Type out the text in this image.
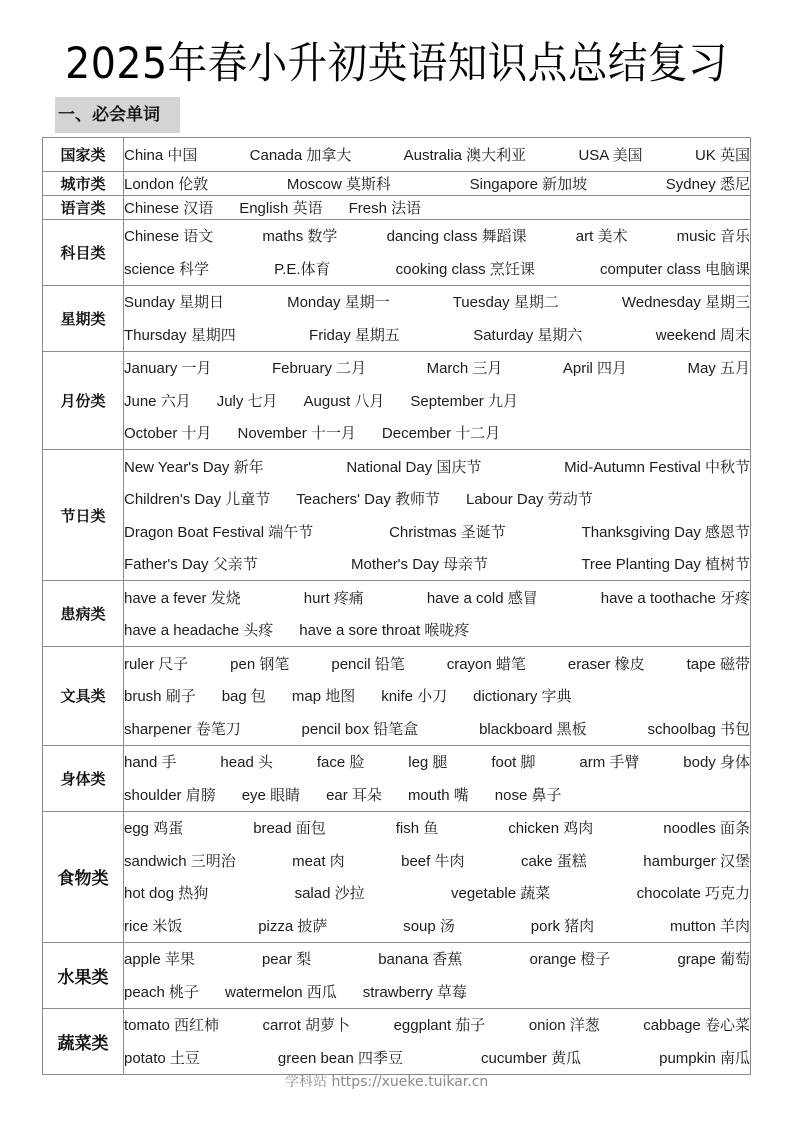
2025年春小升初英语知识点总结复习
一、必会单词
国家类	China 中国 Canada 加拿大 Australia 澳大利亚 USA 美国 UK 英国

城市类	London 伦敦 Moscow 莫斯科 Singapore 新加坡 Sydney 悉尼

语言类	Chinese 汉语 English 英语 Fresh 法语

科目类	
Chinese 语文	maths 数学	dancing class 舞蹈课	art 美术	music 音乐
science 科学	P.E.体育	cooking class 烹饪课	computer class 电脑课

星期类	
Sunday 星期日	Monday 星期一	Tuesday 星期二	Wednesday 星期三
Thursday 星期四	Friday 星期五	Saturday 星期六	weekend 周末

月份类	
January 一月	February 二月	March 三月	April 四月	May 五月
June 六月 July 七月 August 八月 September 九月
October 十月 November 十一月 December 十二月

节日类	
New Year's Day 新年	National Day 国庆节	Mid-Autumn Festival 中秋节
Children's Day 儿童节 Teachers' Day 教师节 Labour Day 劳动节
Dragon Boat Festival 端午节	Christmas 圣诞节	Thanksgiving Day 感恩节
Father's Day 父亲节	Mother's Day 母亲节	Tree Planting Day 植树节

患病类	
have a fever 发烧	hurt 疼痛	have a cold 感冒	have a toothache 牙疼
have a headache 头疼 have a sore throat 喉咙疼

文具类	
ruler 尺子	pen 钢笔	pencil 铅笔	crayon 蜡笔	eraser 橡皮	tape 磁带
brush 刷子 bag 包 map 地图 knife 小刀 dictionary 字典
sharpener 卷笔刀	pencil box 铅笔盒	blackboard 黑板	schoolbag 书包

身体类	
hand 手	head 头	face 脸	leg 腿	foot 脚	arm 手臂	body 身体
shoulder 肩膀 eye 眼睛 ear 耳朵 mouth 嘴 nose 鼻子

食物类	
egg 鸡蛋	bread 面包	fish 鱼	chicken 鸡肉	noodles 面条
sandwich 三明治	meat 肉	beef 牛肉	cake 蛋糕	hamburger 汉堡
hot dog 热狗	salad 沙拉	vegetable 蔬菜	chocolate 巧克力
rice 米饭	pizza 披萨	soup 汤	pork 猪肉	mutton 羊肉

水果类	
apple 苹果	pear 梨	banana 香蕉	orange 橙子	grape 葡萄
peach 桃子 watermelon 西瓜 strawberry 草莓

蔬菜类	
tomato 西红柿	carrot 胡萝卜	eggplant 茄子	onion 洋葱	cabbage 卷心菜
potato 土豆	green bean 四季豆	cucumber 黄瓜	pumpkin 南瓜
学科站 https://xueke.tuikar.cn
